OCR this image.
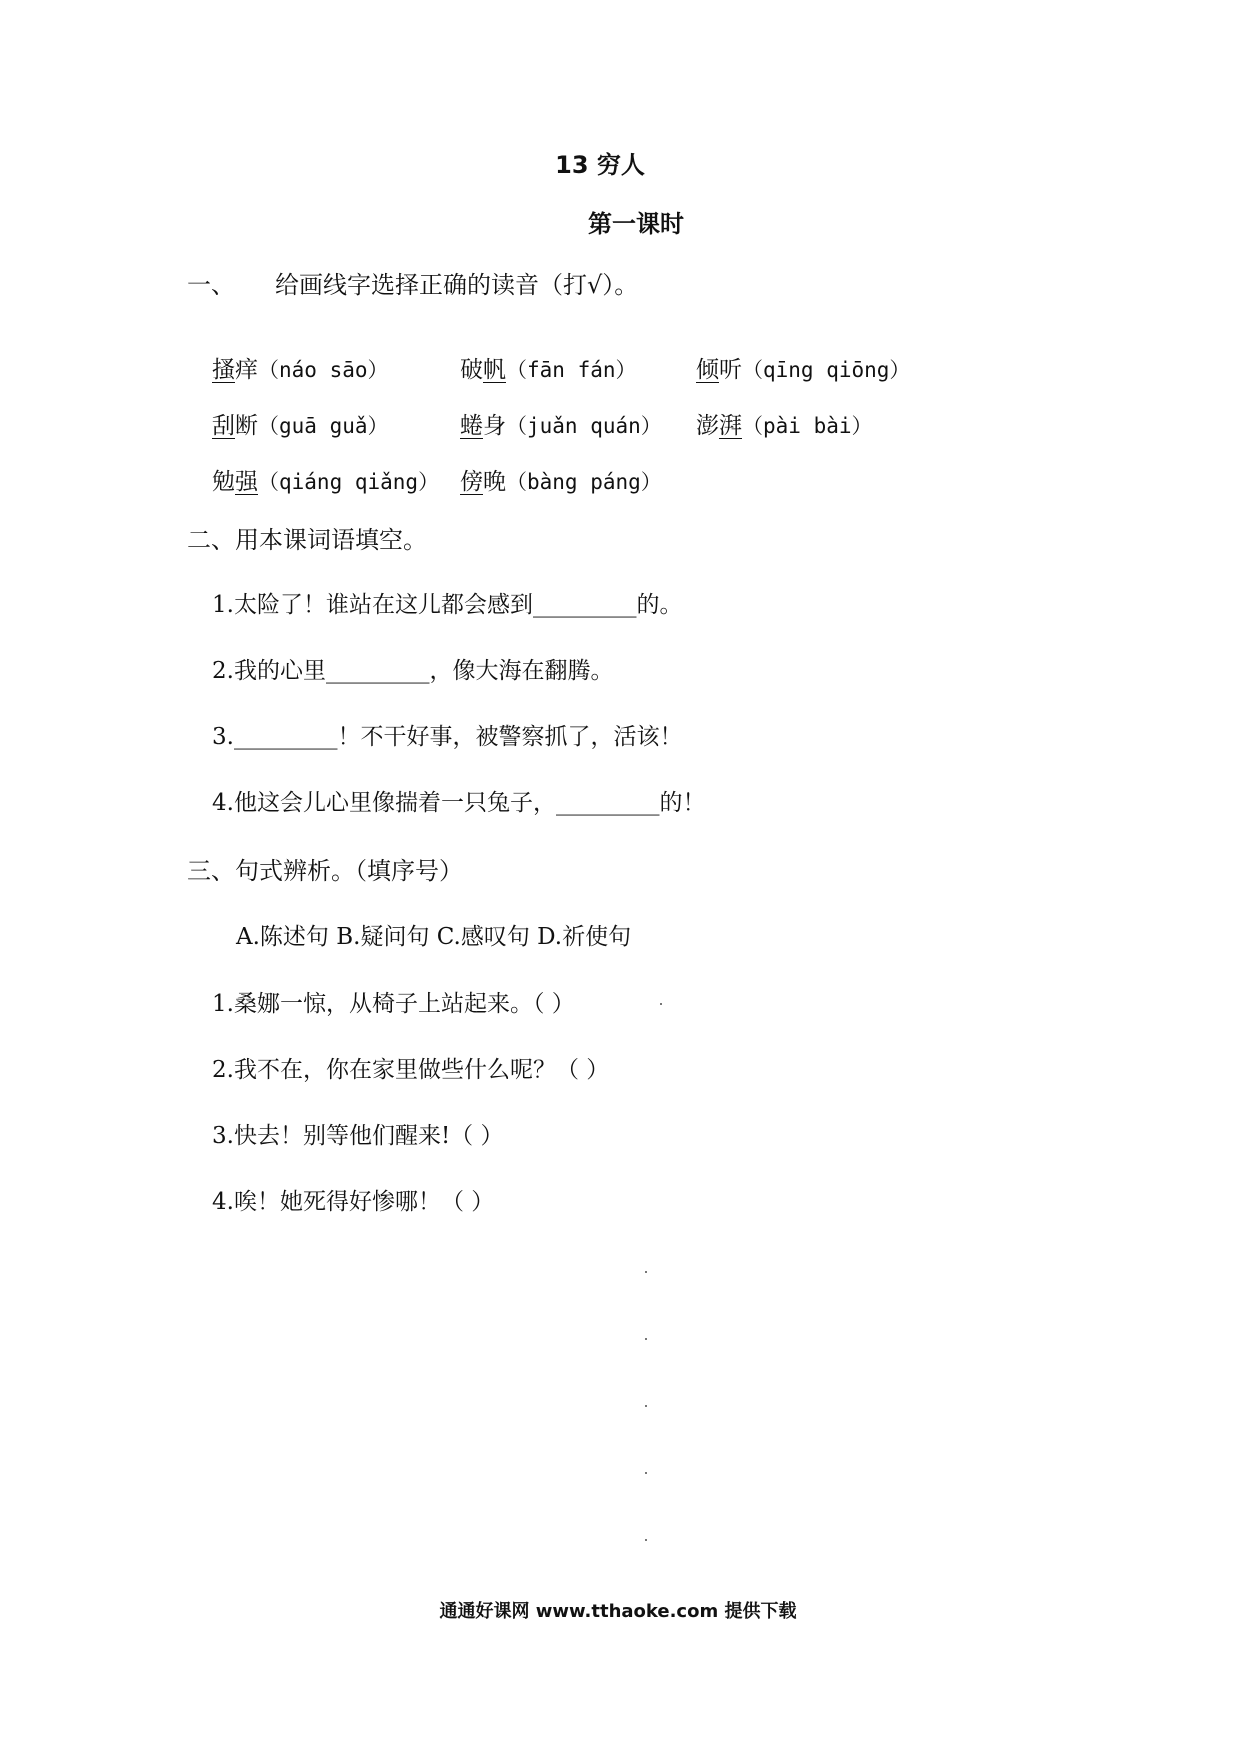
13 穷人
第一课时
一、 给画线字选择正确的读音（打√）。
搔痒（náo sāo）	破帆（fān fán）	倾听（qīng qiōng）
刮断（guā guǎ）	蜷身（juǎn quán） 澎湃（pài bài）
勉强（qiáng qiǎng） 傍晚（bàng páng）
二、用本课词语填空。
1.太险了！谁站在这儿都会感到_________的。
2.我的心里_________，像大海在翻腾。
3._________！不干好事，被警察抓了，活该！
4.他这会儿心里像揣着一只兔子，_________的！
三、句式辨析。（填序号）
A.陈述句 B.疑问句 C.感叹句 D.祈使句
1.桑娜一惊，从椅子上站起来。（ ）
2.我不在，你在家里做些什么呢？（ ）
3.快去！别等他们醒来!（ ）
4.唉！她死得好惨哪！（ ）
通通好课网 www.tthaoke.com 提供下载
